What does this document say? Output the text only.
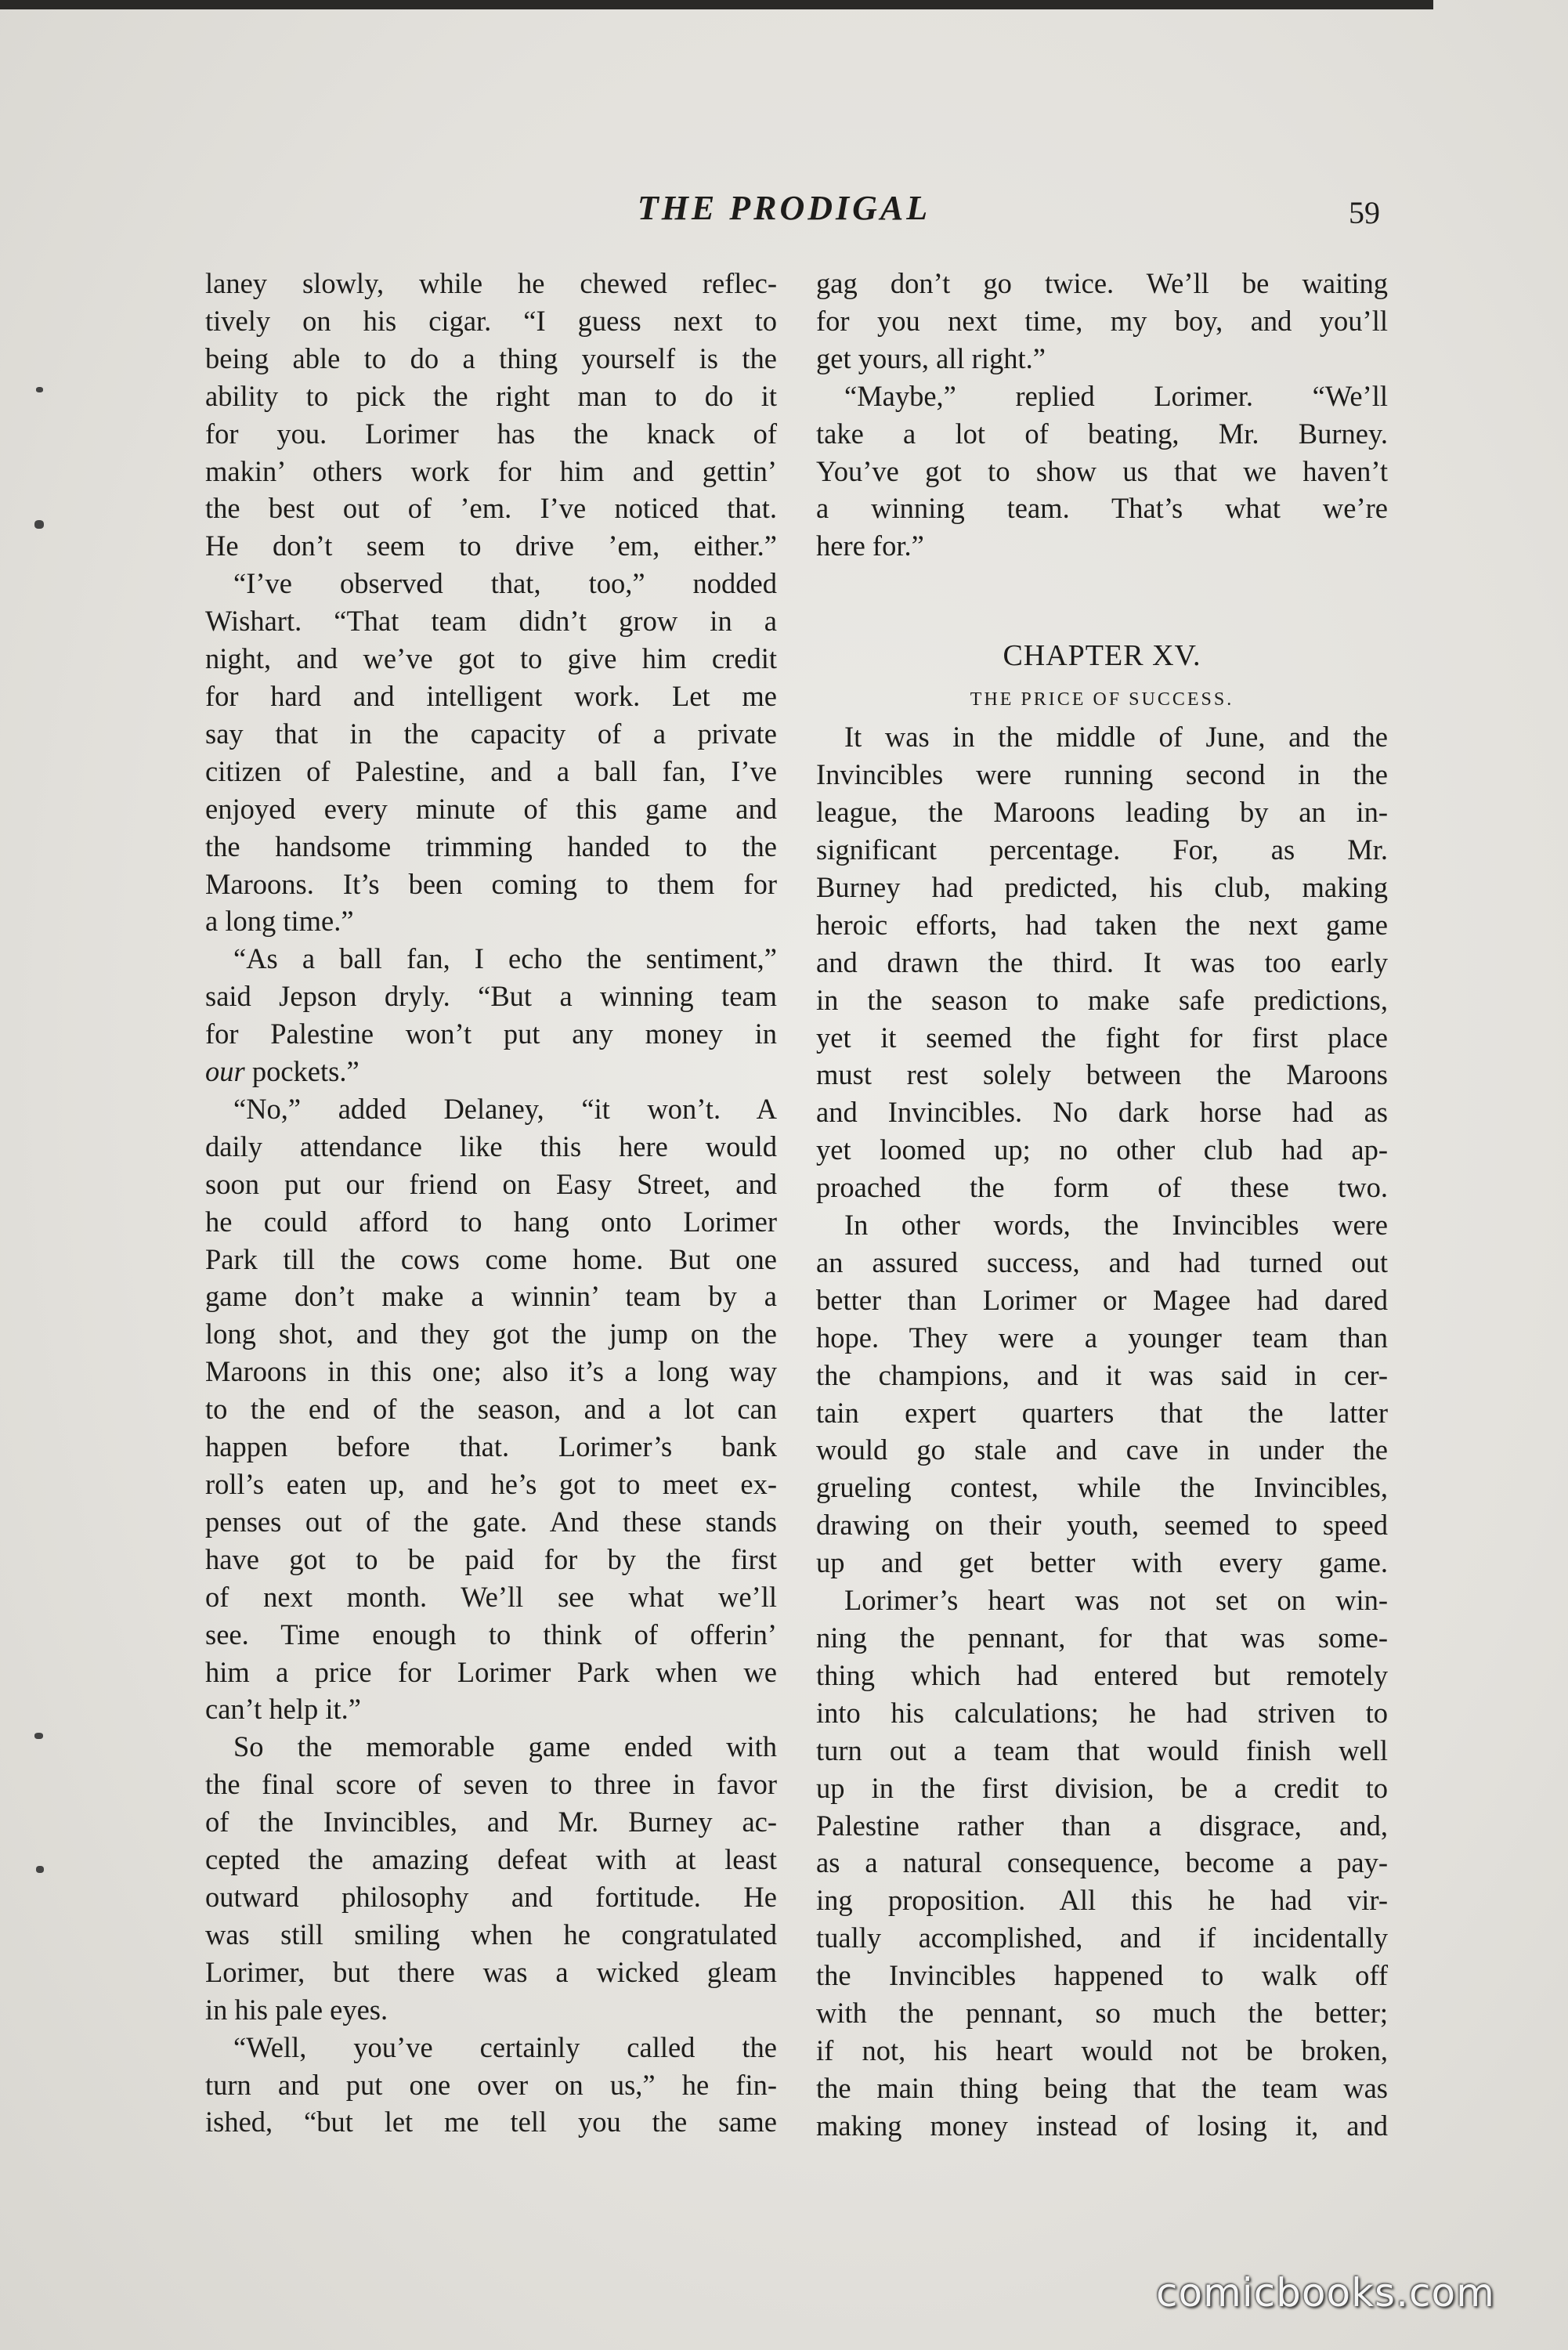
THE PRODIGAL	59

laney slowly, while he chewed reflec-

tively on his cigar. “I guess next to

being able to do a thing yourself is the

ability to pick the right man to do it

for you. Lorimer has the knack of

makin’ others work for him and gettin’

the best out of ’em. I’ve noticed that.

He don’t seem to drive ’em, either.”

“I’ve observed that, too,” nodded

Wishart. “That team didn’t grow in a

night, and we’ve got to give him credit

for hard and intelligent work. Let me

say that in the capacity of a private

citizen of Palestine, and a ball fan, I’ve

enjoyed every minute of this game and

the handsome trimming handed to the

Maroons. It’s been coming to them for

a long time.”

“As a ball fan, I echo the sentiment,”

said Jepson dryly. “But a winning team

for Palestine won’t put any money in

our pockets.”

“No,” added Delaney, “it won’t. A

daily attendance like this here would

soon put our friend on Easy Street, and

he could afford to hang onto Lorimer

Park till the cows come home. But one

game don’t make a winnin’ team by a

long shot, and they got the jump on the

Maroons in this one; also it’s a long way

to the end of the season, and a lot can

happen before that. Lorimer’s bank

roll’s eaten up, and he’s got to meet ex-

penses out of the gate. And these stands

have got to be paid for by the first

of next month. We’ll see what we’ll

see. Time enough to think of offerin’

him a price for Lorimer Park when we

can’t help it.”

So the memorable game ended with

the final score of seven to three in favor

of the Invincibles, and Mr. Burney ac-

cepted the amazing defeat with at least

outward philosophy and fortitude. He

was still smiling when he congratulated

Lorimer, but there was a wicked gleam

in his pale eyes.

“Well, you’ve certainly called the

turn and put one over on us,” he fin-

ished, “but let me tell you the same

gag don’t go twice. We’ll be waiting

for you next time, my boy, and you’ll

get yours, all right.”

“Maybe,” replied Lorimer. “We’ll

take a lot of beating, Mr. Burney.

You’ve got to show us that we haven’t

a winning team. That’s what we’re

here for.”

CHAPTER XV.
THE PRICE OF SUCCESS.

It was in the middle of June, and the

Invincibles were running second in the

league, the Maroons leading by an in-

significant percentage. For, as Mr.

Burney had predicted, his club, making

heroic efforts, had taken the next game

and drawn the third. It was too early

in the season to make safe predictions,

yet it seemed the fight for first place

must rest solely between the Maroons

and Invincibles. No dark horse had as

yet loomed up; no other club had ap-

proached the form of these two.

In other words, the Invincibles were

an assured success, and had turned out

better than Lorimer or Magee had dared

hope. They were a younger team than

the champions, and it was said in cer-

tain expert quarters that the latter

would go stale and cave in under the

grueling contest, while the Invincibles,

drawing on their youth, seemed to speed

up and get better with every game.

Lorimer’s heart was not set on win-

ning the pennant, for that was some-

thing which had entered but remotely

into his calculations; he had striven to

turn out a team that would finish well

up in the first division, be a credit to

Palestine rather than a disgrace, and,

as a natural consequence, become a pay-

ing proposition. All this he had vir-

tually accomplished, and if incidentally

the Invincibles happened to walk off

with the pennant, so much the better;

if not, his heart would not be broken,

the main thing being that the team was

making money instead of losing it, and

comicbooks.com
